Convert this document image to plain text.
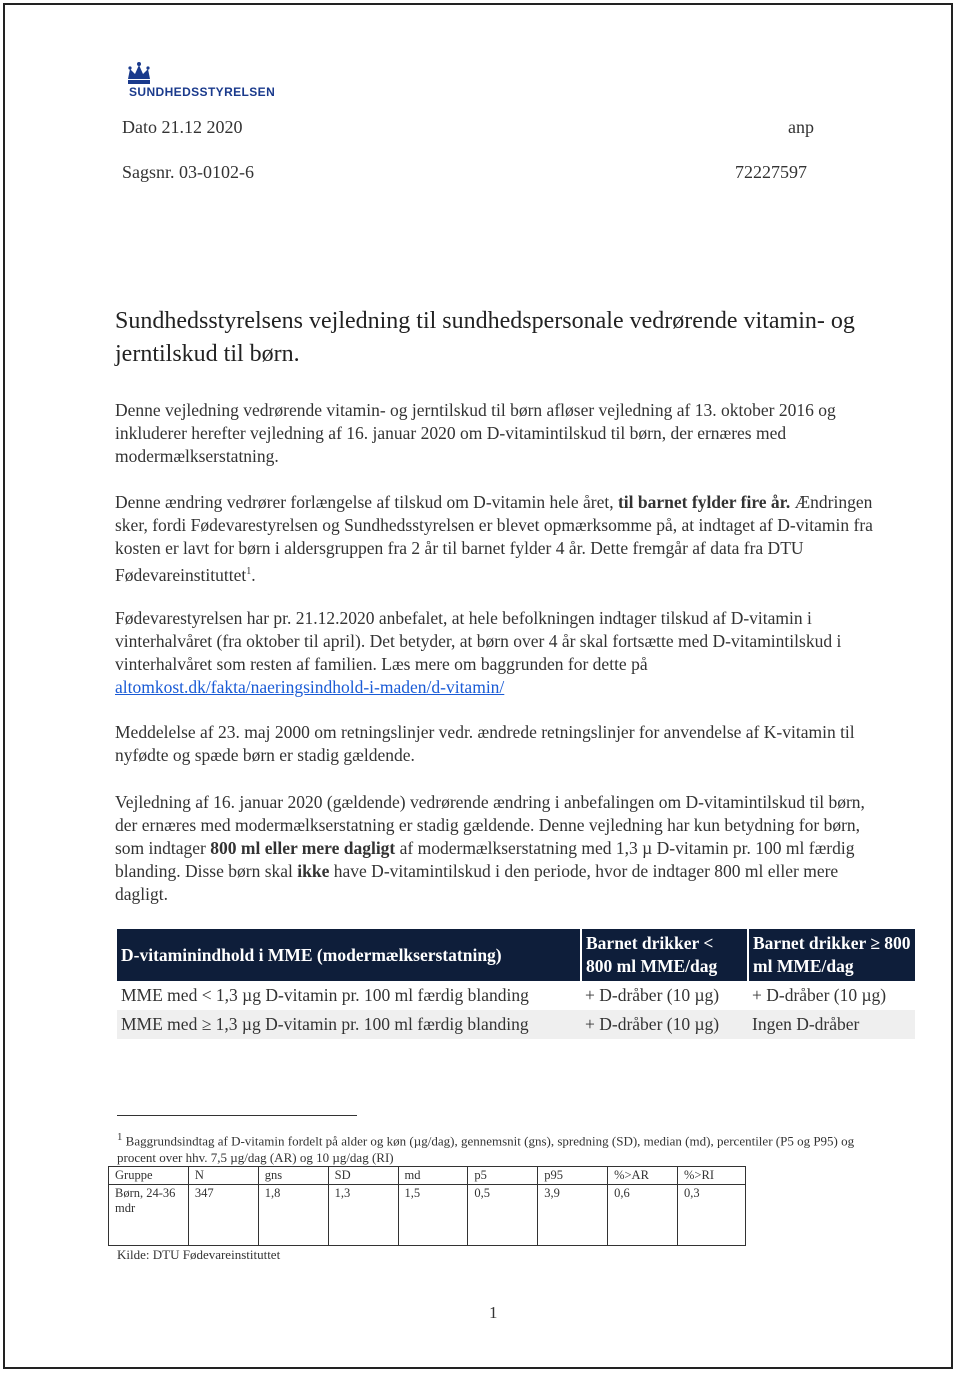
SUNDHEDSSTYRELSEN
Dato 21.12 2020	anp
Sagsnr. 03-0102-6	72227597
Sundhedsstyrelsens vejledning til sundhedspersonale vedrørende vitamin- og jerntilskud til børn.

Denne vejledning vedrørende vitamin- og jerntilskud til børn afløser vejledning af 13. oktober 2016 og inkluderer herefter vejledning af 16. januar 2020 om D-vitamintilskud til børn, der ernæres med modermælkserstatning.

Denne ændring vedrører forlængelse af tilskud om D-vitamin hele året, til barnet fylder fire år. Ændringen sker, fordi Fødevarestyrelsen og Sundhedsstyrelsen er blevet opmærksomme på, at indtaget af D-vitamin fra kosten er lavt for børn i aldersgruppen fra 2 år til barnet fylder 4 år. Dette fremgår af data fra DTU Fødevareinstituttet$^1$.

Fødevarestyrelsen har pr. 21.12.2020 anbefalet, at hele befolkningen indtager tilskud af D-vitamin i vinterhalvåret (fra oktober til april). Det betyder, at børn over 4 år skal fortsætte med D-vitamintilskud i vinterhalvåret som resten af familien. Læs mere om baggrunden for dette på altomkost.dk/fakta/naeringsindhold-i-maden/d-vitamin/

Meddelelse af 23. maj 2000 om retningslinjer vedr. ændrede retningslinjer for anvendelse af K-vitamin til nyfødte og spæde børn er stadig gældende.

Vejledning af 16. januar 2020 (gældende) vedrørende ændring i anbefalingen om D-vitamintilskud til børn, der ernæres med modermælkserstatning er stadig gældende. Denne vejledning har kun betydning for børn, som indtager 800 ml eller mere dagligt af modermælkserstatning med 1,3 µ D-vitamin pr. 100 ml færdig blanding. Disse børn skal ikke have D-vitamintilskud i den periode, hvor de indtager 800 ml eller mere dagligt.

D-vitaminindhold i MME (modermælkserstatning)	Barnet drikker < 800 ml MME/dag	Barnet drikker ≥ 800 ml MME/dag
MME med < 1,3 µg D-vitamin pr. 100 ml færdig blanding	+ D-dråber (10 µg)	+ D-dråber (10 µg)
MME med ≥ 1,3 µg D-vitamin pr. 100 ml færdig blanding	+ D-dråber (10 µg)	Ingen D-dråber

$^1$ Baggrundsindtag af D-vitamin fordelt på alder og køn (µg/dag), gennemsnit (gns), spredning (SD), median (md), percentiler (P5 og P95) og procent over hhv. 7,5 µg/dag (AR) og 10 µg/dag (RI)

Gruppe	N	gns	SD	md	p5	p95	%>AR	%>RI
Børn, 24-36 mdr	347	1,8	1,3	1,5	0,5	3,9	0,6	0,3
Kilde: DTU Fødevareinstituttet
1
